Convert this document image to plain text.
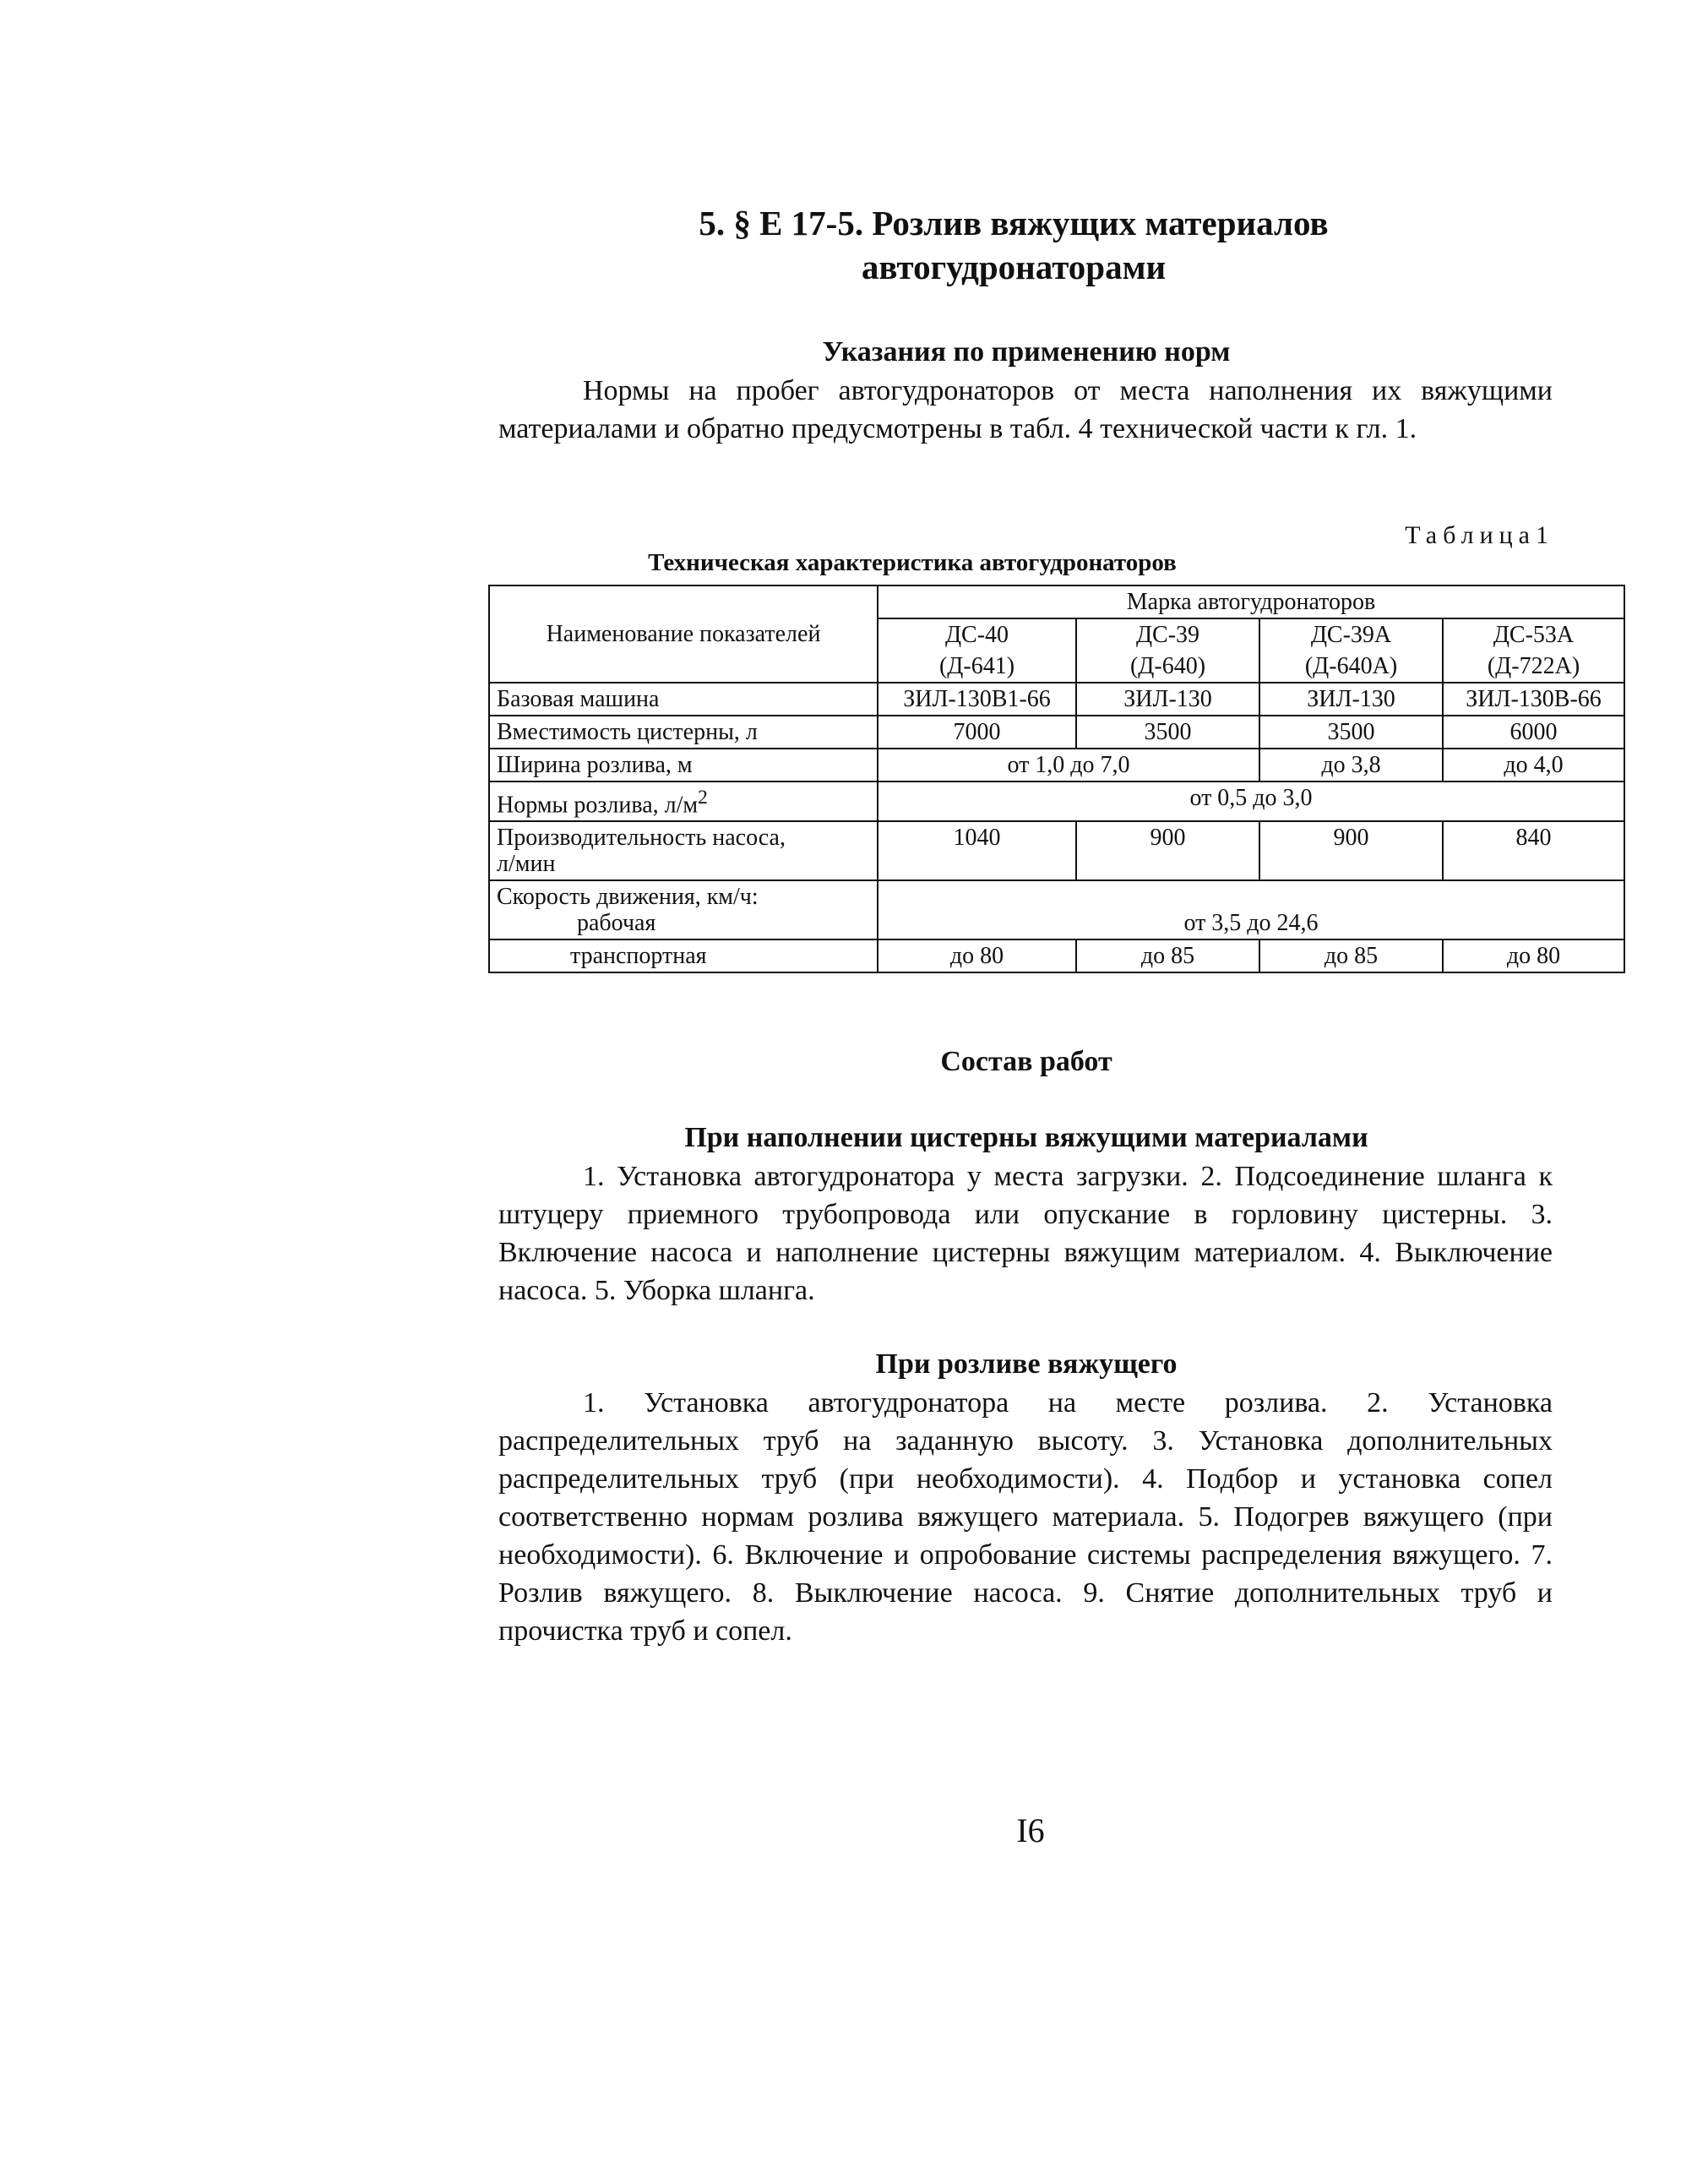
5. § Е 17-5. Розлив вяжущих материалов
автогудронаторами
Указания по применению норм
Нормы на пробег автогудронаторов от места наполнения их вяжущими материалами и обратно предусмотрены в табл. 4 технической части к гл. 1.
Таблица1
Техническая характеристика автогудронаторов
Наименование показателей	Марка автогудронаторов			
	ДС-40	ДС-39	ДС-39А	ДС-53А
	(Д-641)	(Д-640)	(Д-640А)	(Д-722А)
Базовая машина	ЗИЛ-130В1-66	ЗИЛ-130	ЗИЛ-130	ЗИЛ-130В-66
Вместимость цистерны, л	7000	3500	3500	6000
Ширина розлива, м	от 1,0 до 7,0		до 3,8	до 4,0
Нормы розлива, $л/м^2$	от 0,5 до 3,0			

Производительность насоса,
л/мин	1040	900	900	840

Скорость движения, км/ч:
рабочая	от 3,5 до 24,6			
транспортная	до 80	до 85	до 85	до 80
Состав работ
При наполнении цистерны вяжущими материалами
1. Установка автогудронатора у места загрузки. 2. Подсоединение шланга к штуцеру приемного трубопровода или опускание в горловину цистерны. 3. Включение насоса и наполнение цистерны вяжущим материалом. 4. Выключение насоса. 5. Уборка шланга.
При розливе вяжущего
1. Установка автогудронатора на месте розлива. 2. Установка распределительных труб на заданную высоту. 3. Установка дополнительных распределительных труб (при необходимости). 4. Подбор и установка сопел соответственно нормам розлива вяжущего материала. 5. Подогрев вяжущего (при необходимости). 6. Включение и опробование системы распределения вяжущего. 7. Розлив вяжущего. 8. Выключение насоса. 9. Снятие дополнительных труб и прочистка труб и сопел.
I6
